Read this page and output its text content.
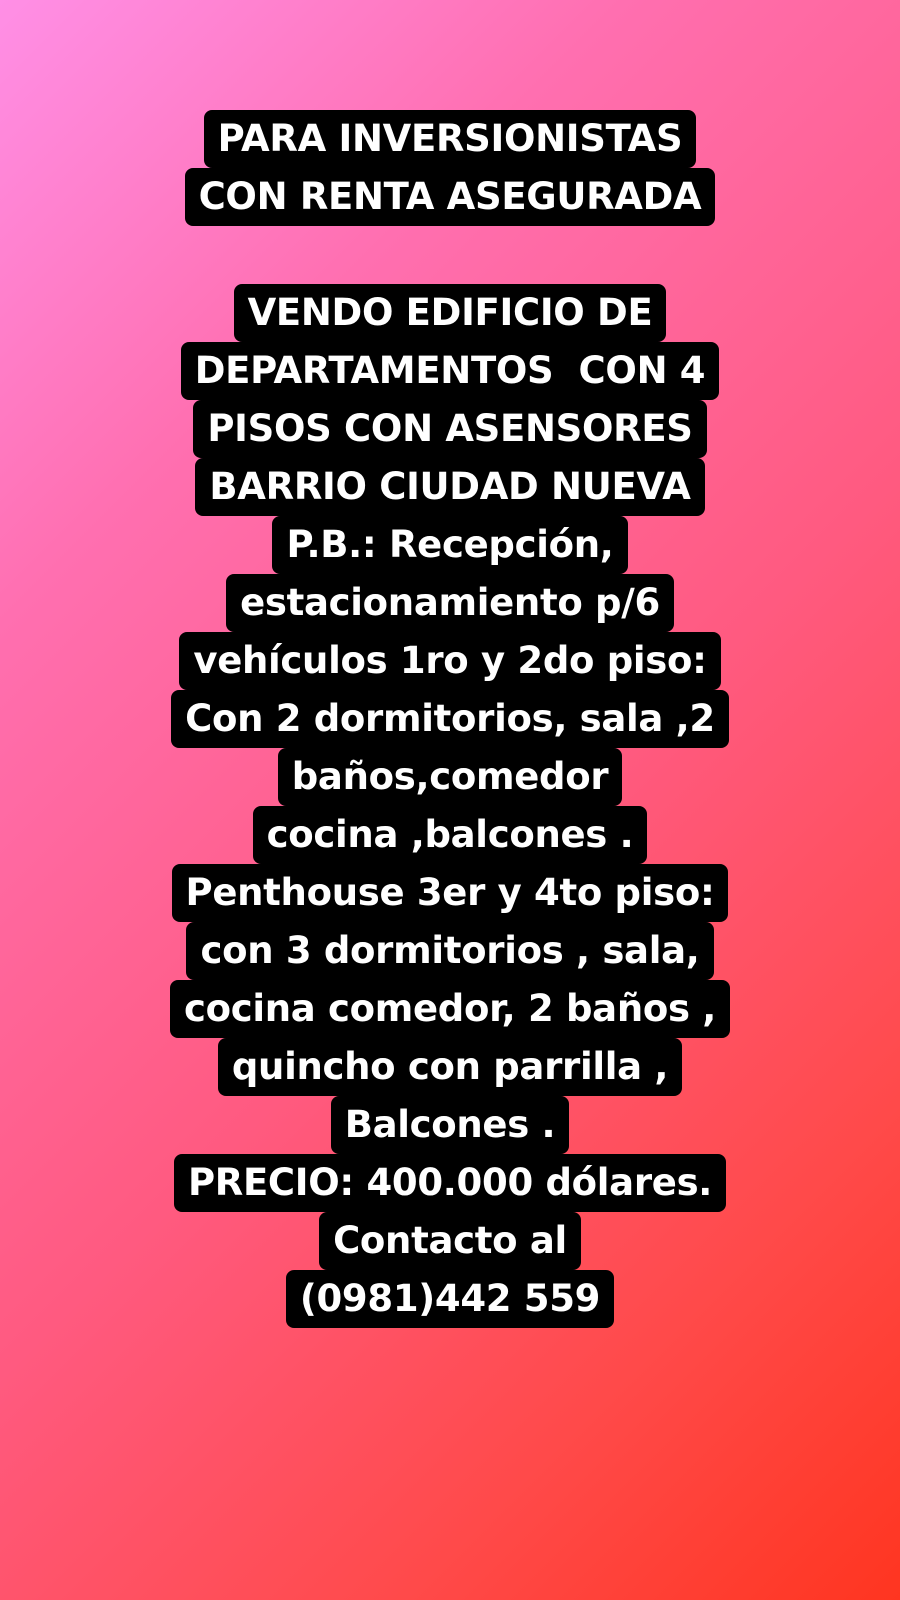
PARA INVERSIONISTAS
CON RENTA ASEGURADA
VENDO EDIFICIO DE
DEPARTAMENTOS  CON 4
PISOS CON ASENSORES
BARRIO CIUDAD NUEVA
P.B.: Recepción,
estacionamiento p/6
vehículos 1ro y 2do piso:
Con 2 dormitorios, sala ,2
baños,comedor
cocina ,balcones .
Penthouse 3er y 4to piso:
con 3 dormitorios , sala,
cocina comedor, 2 baños ,
quincho con parrilla ,
Balcones .
PRECIO: 400.000 dólares.
Contacto al
(0981)442 559
